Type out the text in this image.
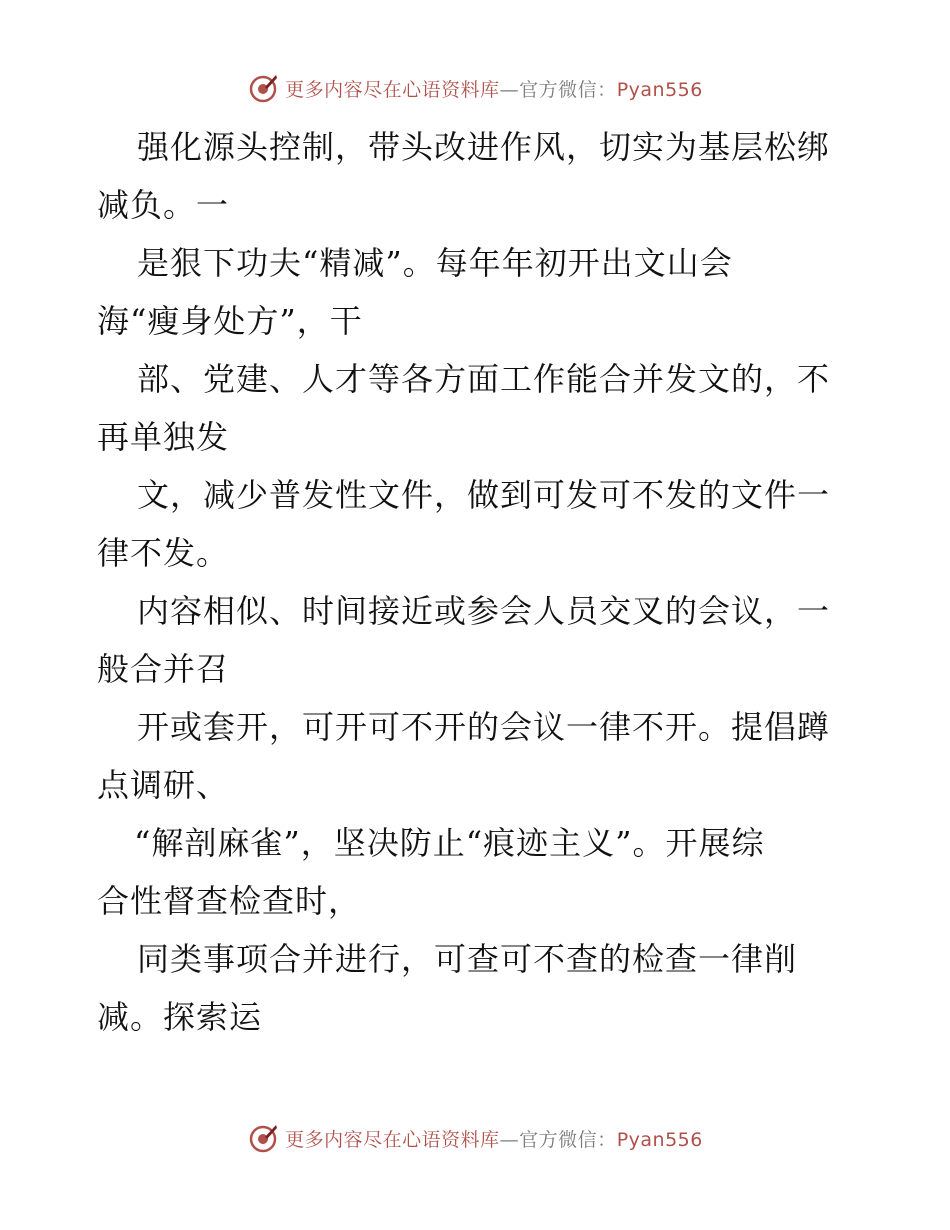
更多内容尽在心语资料库—官方微信：Pyan556
强化源头控制，带头改进作风，切实为基层松绑
减负。一
是狠下功夫“精减”。每年年初开出文山会
海“瘦身处方”，干
部、党建、人才等各方面工作能合并发文的，不
再单独发
文，减少普发性文件，做到可发可不发的文件一
律不发。
内容相似、时间接近或参会人员交叉的会议，一
般合并召
开或套开，可开可不开的会议一律不开。提倡蹲
点调研、
“解剖麻雀”，坚决防止“痕迹主义”。开展综
合性督查检查时，
同类事项合并进行，可查可不查的检查一律削
减。探索运
更多内容尽在心语资料库—官方微信：Pyan556
